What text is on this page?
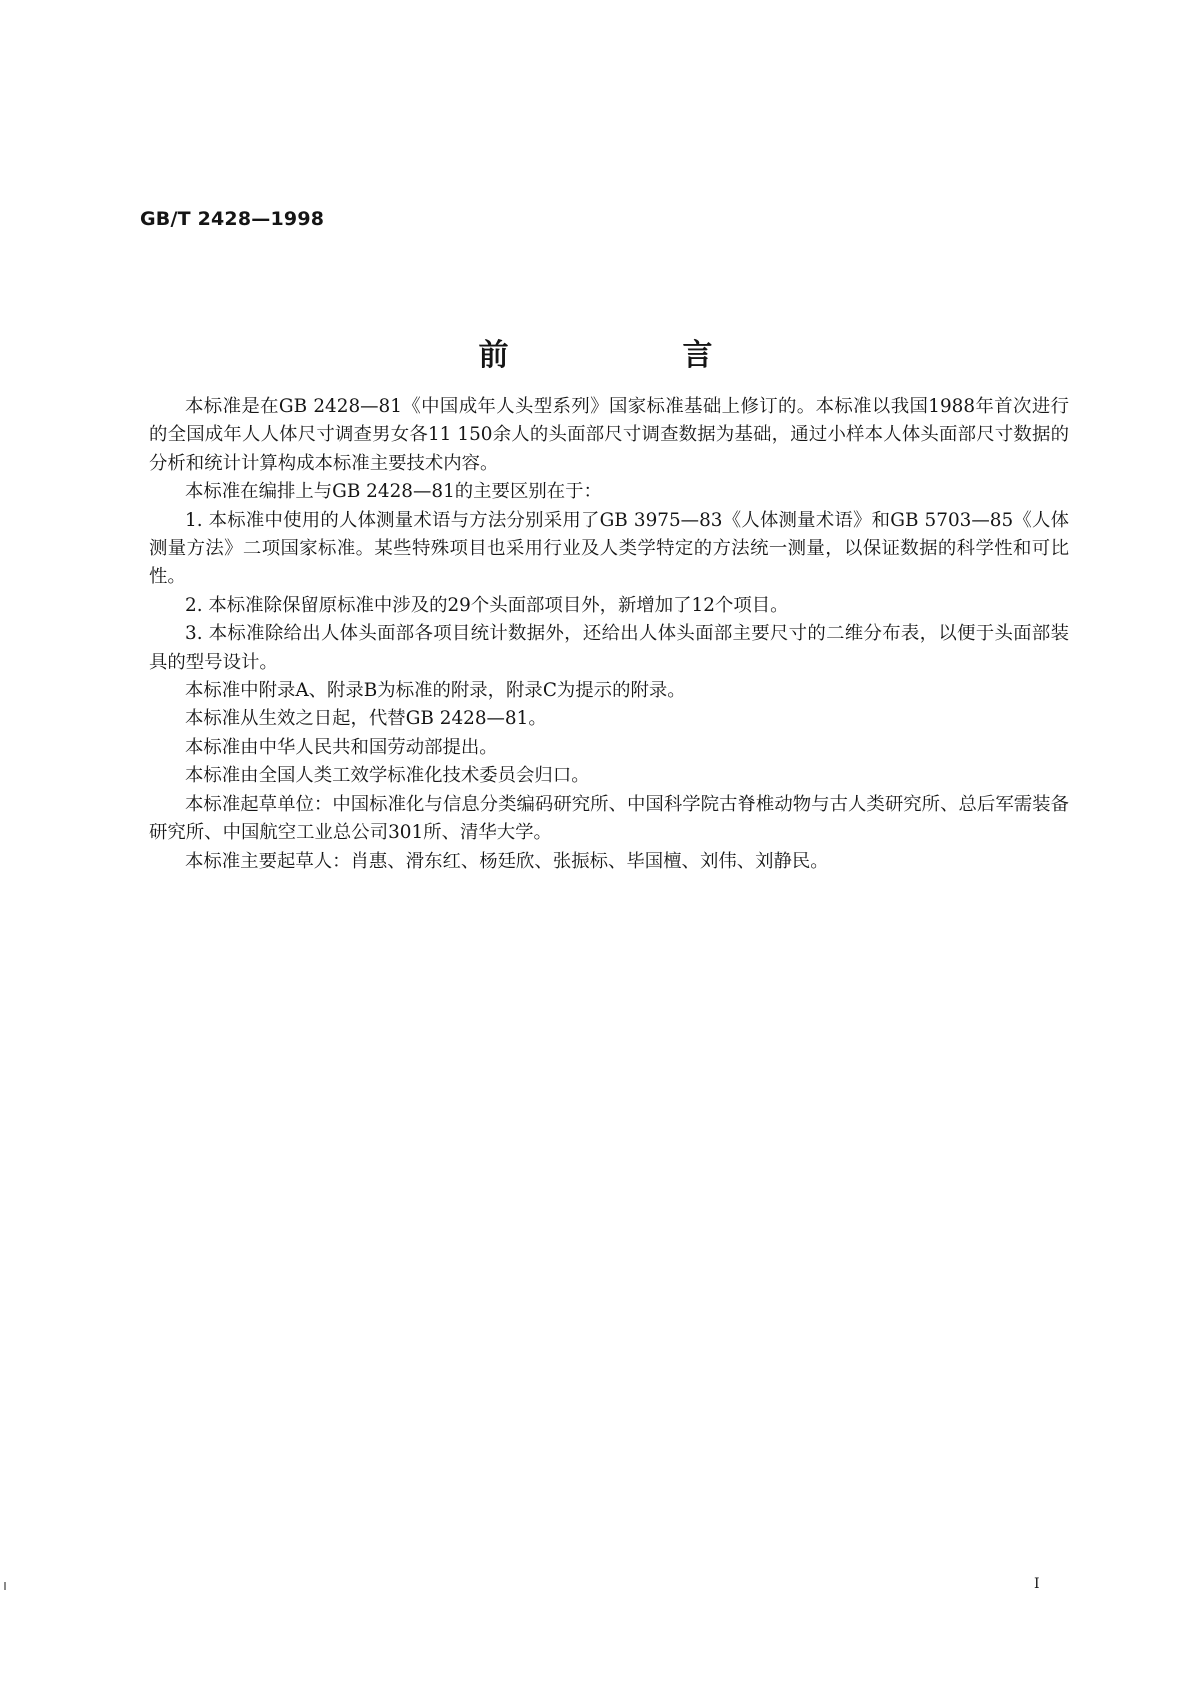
GB/T 2428—1998
前　言

本标准是在GB 2428—81《中国成年人头型系列》国家标准基础上修订的。本标准以我国1988年首次进行的全国成年人人体尺寸调查男女各11 150余人的头面部尺寸调查数据为基础，通过小样本人体头面部尺寸数据的分析和统计计算构成本标准主要技术内容。

本标准在编排上与GB 2428—81的主要区别在于：

1. 本标准中使用的人体测量术语与方法分别采用了GB 3975—83《人体测量术语》和GB 5703—85《人体测量方法》二项国家标准。某些特殊项目也采用行业及人类学特定的方法统一测量，以保证数据的科学性和可比性。

2. 本标准除保留原标准中涉及的29个头面部项目外，新增加了12个项目。

3. 本标准除给出人体头面部各项目统计数据外，还给出人体头面部主要尺寸的二维分布表，以便于头面部装具的型号设计。

本标准中附录A、附录B为标准的附录，附录C为提示的附录。

本标准从生效之日起，代替GB 2428—81。

本标准由中华人民共和国劳动部提出。

本标准由全国人类工效学标准化技术委员会归口。

本标准起草单位：中国标准化与信息分类编码研究所、中国科学院古脊椎动物与古人类研究所、总后军需装备研究所、中国航空工业总公司301所、清华大学。

本标准主要起草人：肖惠、滑东红、杨廷欣、张振标、毕国檀、刘伟、刘静民。

I
